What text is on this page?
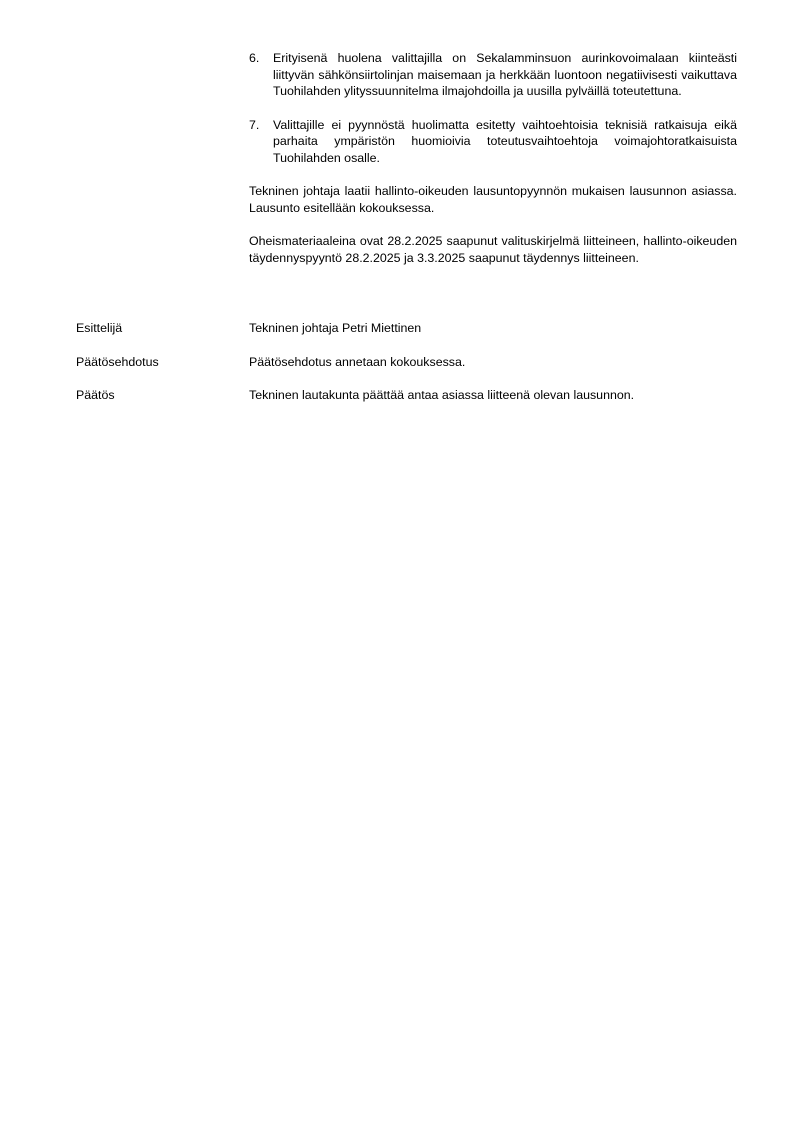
6. Erityisenä huolena valittajilla on Sekalamminsuon aurinkovoimalaan kiinteästi liittyvän sähkönsiirtolinjan maisemaan ja herkkään luontoon negatiivisesti vaikuttava Tuohilahden ylityssuunnitelma ilmajohdoilla ja uusilla pylväillä toteutettuna.
7. Valittajille ei pyynnöstä huolimatta esitetty vaihtoehtoisia teknisiä ratkaisuja eikä parhaita ympäristön huomioivia toteutusvaihtoehtoja voimajohtoratkaisuista Tuohilahden osalle.

Tekninen johtaja laatii hallinto-oikeuden lausuntopyynnön mukaisen lausunnon asiassa. Lausunto esitellään kokouksessa.

Oheismateriaaleina ovat 28.2.2025 saapunut valituskirjelmä liitteineen, hallinto-oikeuden täydennyspyyntö 28.2.2025 ja 3.3.2025 saapunut täydennys liitteineen.

Esittelijä	Tekninen johtaja Petri Miettinen
Päätösehdotus	Päätösehdotus annetaan kokouksessa.
Päätös	Tekninen lautakunta päättää antaa asiassa liitteenä olevan lausunnon.
